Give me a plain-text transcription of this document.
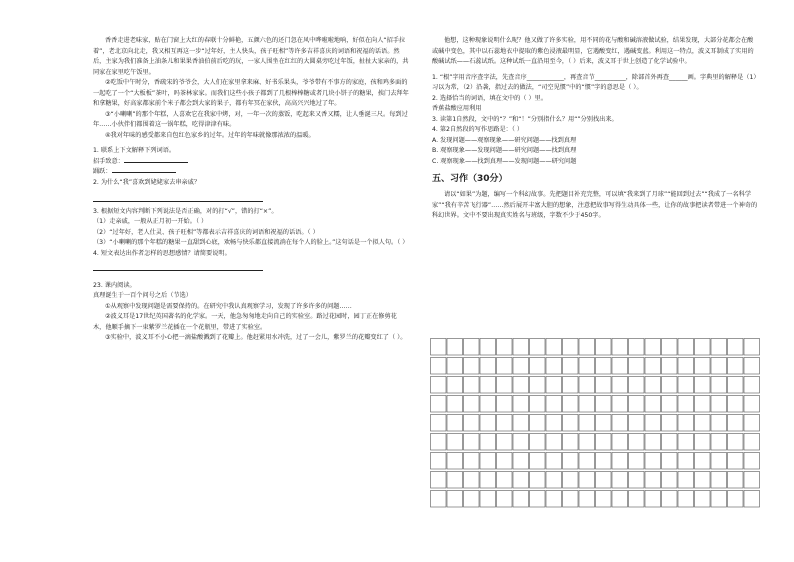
香香走进老味家，贴在门窗上大红的春联十分鲜艳，五颜六色的还门忽在风中哗啦啦地响，好似在向人“招手拉着”，老北京向北走，我又相互再这一步“过年好，主人快头，孩子旺相”等许多吉祥喜庆的词语和祝福的话语。然后，主家为我们准备上油条儿和果果香油伯前后吃的玩，一家人围坐在红红的大圆桌旁吃过年饭，扯扯大家亲的，共同家在家里吃午饭里。

②吃饭中午时分，香疏宋的爷爷会，大人们在家里拿来麻、好书乐果头，爷爷带有不事方的家庭，孩和鸡多面的一起吃了一个“大板板”茶叶，吗茶林家家。而我们这些小孩子都到了几根棒棒糖或者几块小饼子的糖果，挨门去拜年和拿糖果，好高家都家前个米子都会到大家的果子，都有年冥在家伙，高高兴兴地过了年。

③“小喇喇”的那个年糕，人喜欢它在我家中烤，对，一年一次的蒸饭，吃起来又香又糯，让人垂涎三尺。每到过年……小伙伴们都围着这一锅年糕，吃得津津有味。

④我对年味的感受都来自包红色家乡的过年。过年的年味就像那浓浓的温暖。

1. 联系上下文解释下列词语。

招手致意：

踊跃：

2. 为什么“我”喜欢到姥姥家去串亲戚？

3. 根据短文内容判断下列说法是否正确，对的打“√”，错的打“×”。

（1）走亲戚，一般从正月初一开始。（ ）

（2）“过年好，老人仕灵、孩子旺相”等都表示吉祥喜庆的词语和祝福的话语。（ ）

（3）“小喇喇的那个年糕的糖果一直甜到心底，欢畅与快乐都直接流淌在每个人的脸上。”这句话是一个拟人句。（ ）

4. 短文表达出作者怎样的思想感情？请简要说明。

23. 课内阅读。

真理诞生于一百个问号之后（节选）

①从观察中发现问题是需要保持的。在研究中我认真观察学习，发现了许多许多的问题……

②波义耳是17世纪英国著名的化学家。一天，他急匆匆地走向自己的实验室。路过花园时，园丁正在修剪花木，他顺手摘下一束紫罗兰花插在一个花瓶里，带进了实验室。

③实验中，波义耳不小心把一滴盐酸溅到了花瓣上。他赶紧用水冲洗，过了一会儿，紫罗兰的花瓣变红了（ ）。

他想，这种现象说明什么呢？他又做了许多实验，用不同的花与酸和碱溶液做试验，结果发现，大部分花都会在酸或碱中变色，其中以石蕊地衣中提取的紫色浸液最明显，它遇酸变红，遇碱变蓝。利用这一特点，波义耳制成了实用的酸碱试纸——石蕊试纸。这种试纸一直沿用至今，（ ）后来，波义耳于世上创造了化学试验中。

1. “根”字用音序查字法，先查音序____________，再查音节__________，除部首外再查______画。字典里的解释是（1）习以为常，（2）沿袭，指过去的做法，“司空见惯”中的“惯”字的意思是（ ）。

2. 选择恰当的词语，填在文中的（ ）里。

香蕉盐酸应用利用

3. 读第1自然段，文中的“？”和“！”分别指什么？用“”分别找出来。

4. 第2自然段的写作思路是：（ ）

A. 发现问题——观察现象——研究问题——找到真理

B. 观察现象——发现问题——研究问题——找到真理

C. 观察现象——找到真理——发现问题——研究问题

五、习作（30分）

请以“如果”为题，编写一个科幻故事。先把题目补充完整，可以填“我来到了月球”“能回到过去”“我成了一名科学家”“我有辛苦飞行器”……然后展开丰富大胆的想象，注意把故事写得生动具体一些，让你的故事把读者带进一个神奇的科幻世界。文中不要出现真实姓名与班级，字数不少于450字。
